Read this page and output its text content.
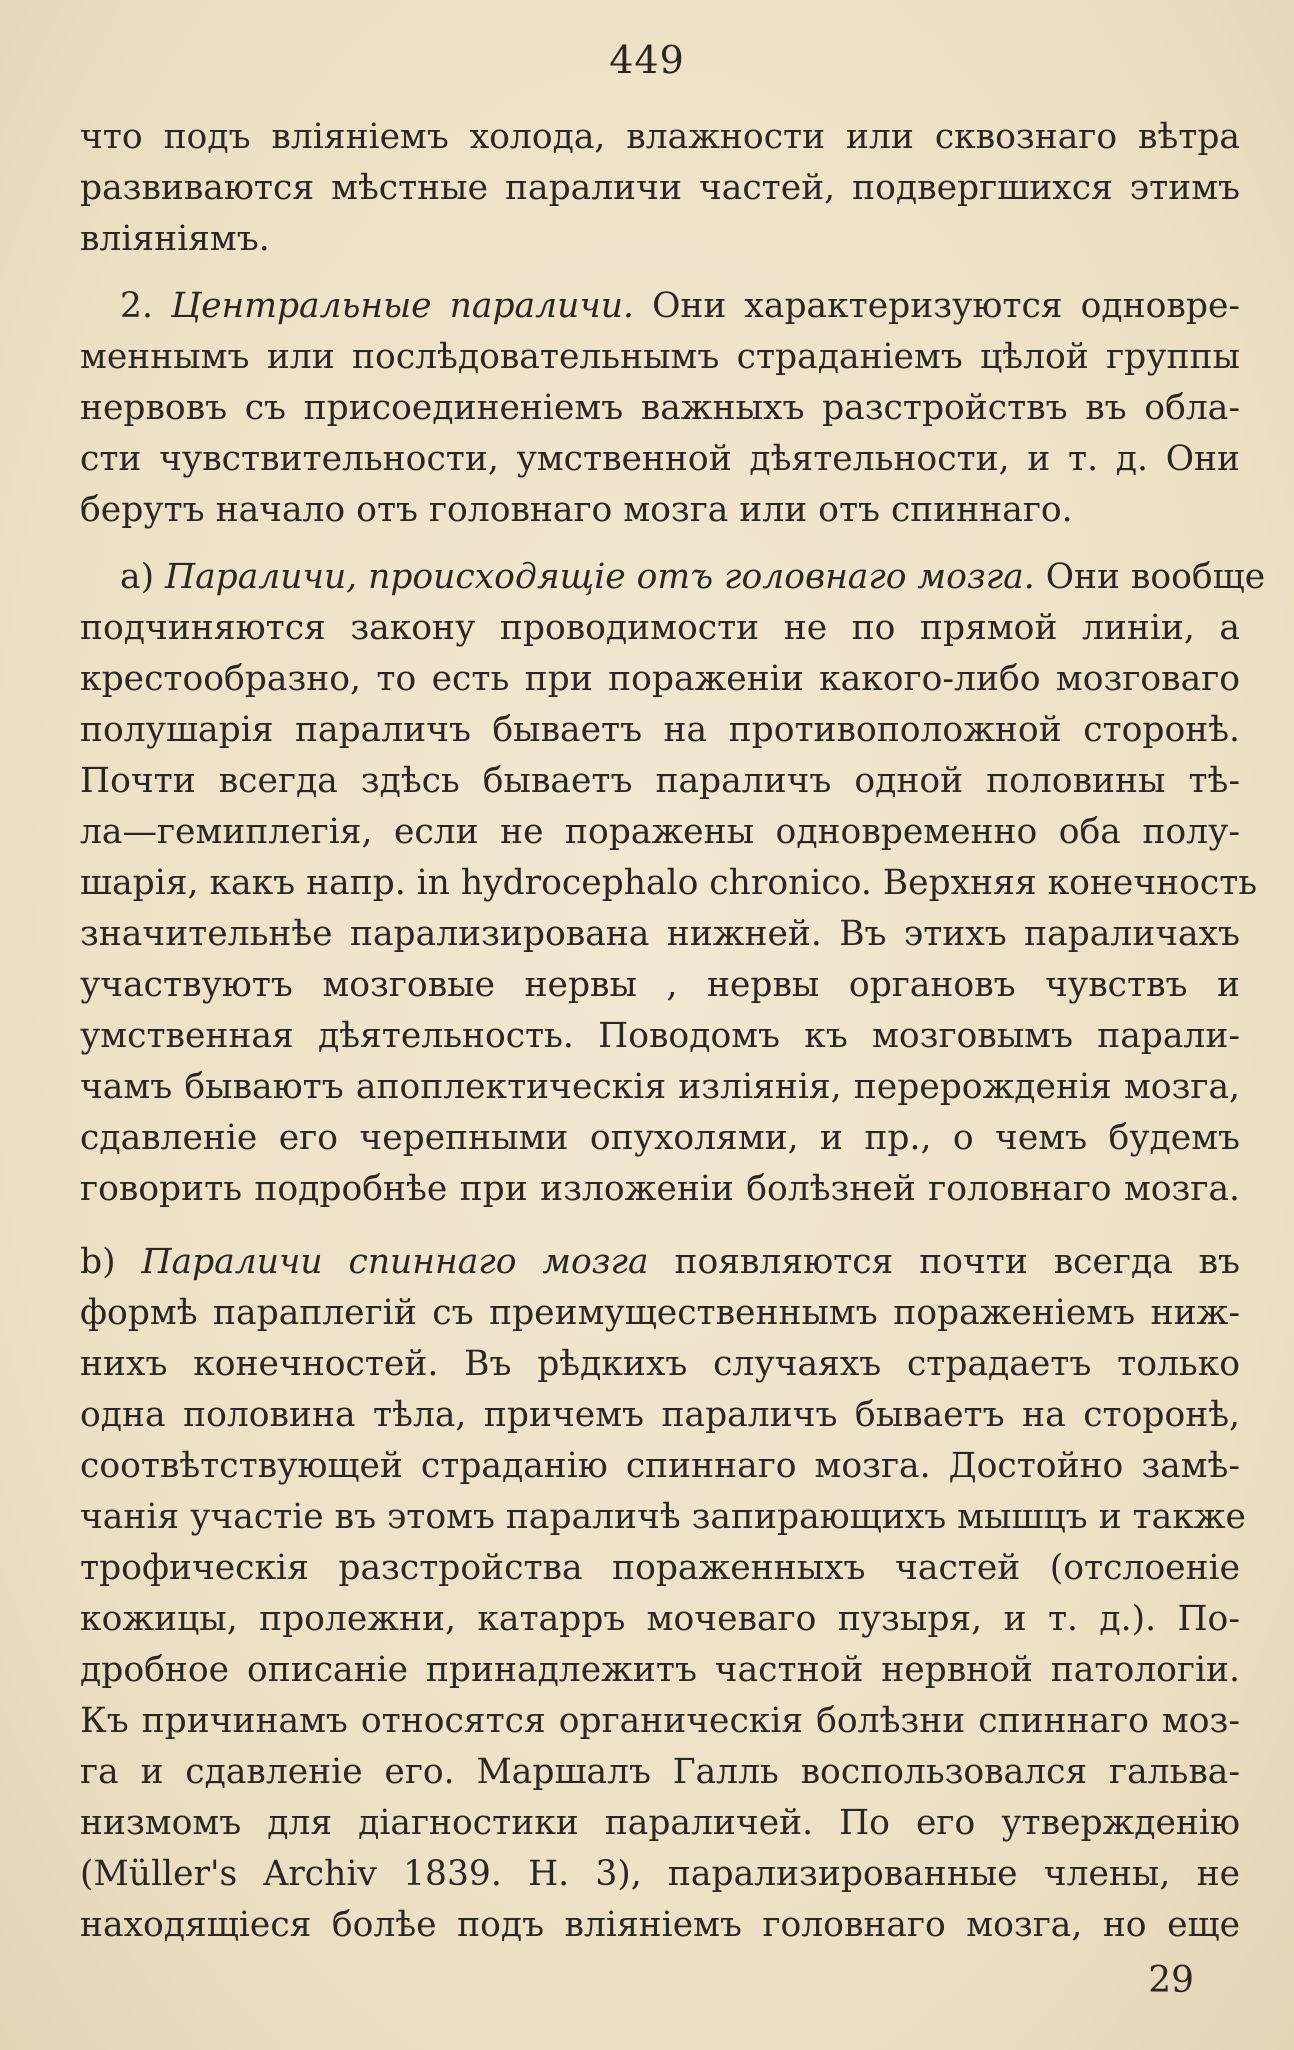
449
что подъ вліяніемъ холода, влажности или сквознаго вѣтра
развиваются мѣстные параличи частей, подвергшихся этимъ
вліяніямъ.
2. Центральные параличи. Они характеризуются одновре-
меннымъ или послѣдовательнымъ страданіемъ цѣлой группы
нервовъ съ присоединеніемъ важныхъ разстройствъ въ обла-
сти чувствительности, умственной дѣятельности, и т. д. Они
берутъ начало отъ головнаго мозга или отъ спиннаго.
а) Параличи, происходящіе отъ головнаго мозга. Они вообще
подчиняются закону проводимости не по прямой линіи, а
крестообразно, то есть при пораженіи какого-либо мозговаго
полушарія параличъ бываетъ на противоположной сторонѣ.
Почти всегда здѣсь бываетъ параличъ одной половины тѣ-
ла—гемиплегія, если не поражены одновременно оба полу-
шарія, какъ напр. in hydrocephalo chronico. Верхняя конечность
значительнѣе парализирована нижней. Въ этихъ параличахъ
участвуютъ мозговые нервы , нервы органовъ чувствъ и
умственная дѣятельность. Поводомъ къ мозговымъ парали-
чамъ бываютъ апоплектическія изліянія, перерожденія мозга,
сдавленіе его черепными опухолями, и пр., о чемъ будемъ
говорить подробнѣе при изложеніи болѣзней головнаго мозга.
b) Параличи спиннаго мозга появляются почти всегда въ
формѣ параплегій съ преимущественнымъ пораженіемъ ниж-
нихъ конечностей. Въ рѣдкихъ случаяхъ страдаетъ только
одна половина тѣла, причемъ параличъ бываетъ на сторонѣ,
соотвѣтствующей страданію спиннаго мозга. Достойно замѣ-
чанія участіе въ этомъ параличѣ запирающихъ мышцъ и также
трофическія разстройства пораженныхъ частей (отслоеніе
кожицы, пролежни, катарръ мочеваго пузыря, и т. д.). По-
дробное описаніе принадлежитъ частной нервной патологіи.
Къ причинамъ относятся органическія болѣзни спиннаго моз-
га и сдавленіе его. Маршалъ Галль воспользовался гальва-
низмомъ для діагностики параличей. По его утвержденію
(Müller's Archiv 1839. H. 3), парализированные члены, не
находящіеся болѣе подъ вліяніемъ головнаго мозга, но еще
29
